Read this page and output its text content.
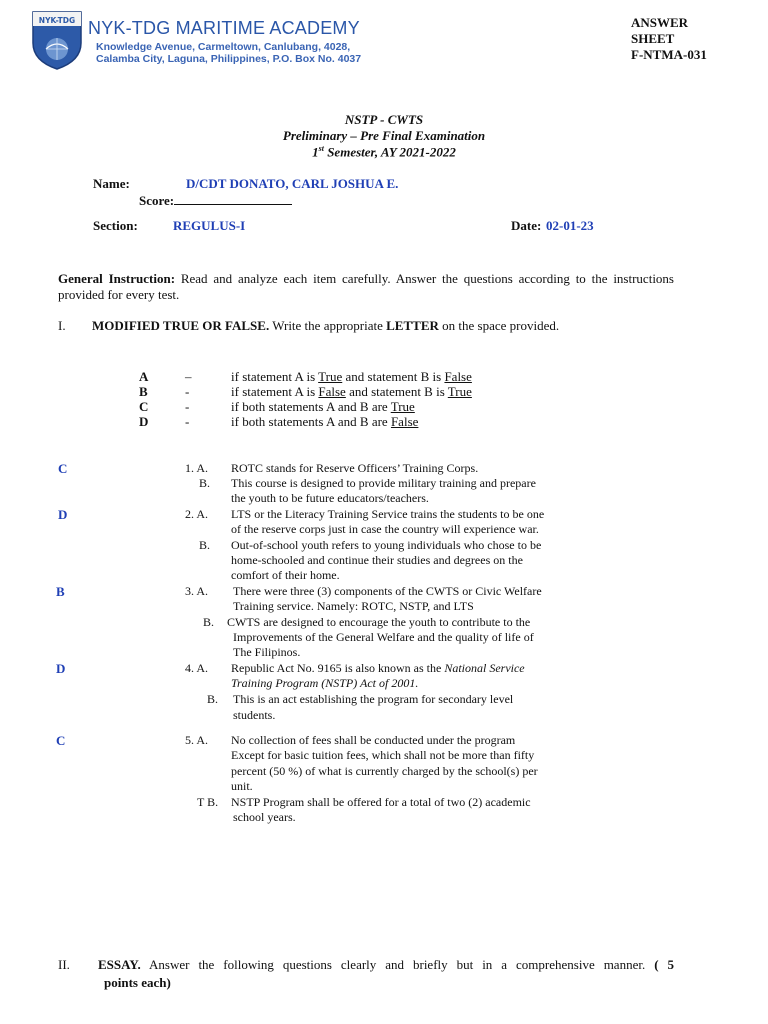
NYK-TDG NYK-TDG MARITIME ACADEMY
Knowledge Avenue, Carmeltown, Canlubang, 4028,
Calamba City, Laguna, Philippines, P.O. Box No. 4037
ANSWER
SHEET
F-NTMA-031
NSTP - CWTS
Preliminary – Pre Final Examination
1st Semester, AY 2021-2022
Name:	D/CDT DONATO, CARL JOSHUA E.
Score:
Section:	REGULUS-I	Date: 02-01-23
General Instruction: Read and analyze each item carefully. Answer the questions according to the instructions provided for every test.
I. MODIFIED TRUE OR FALSE. Write the appropriate LETTER on the space provided.
A	–	if statement A is True and statement B is False
B	-	if statement A is False and statement B is True
C	-	if both statements A and B are True
D	-	if both statements A and B are False
C	1. A. ROTC stands for Reserve Officers’ Training Corps.
B. This course is designed to provide military training and prepare
the youth to be future educators/teachers.
D	2. A. LTS or the Literacy Training Service trains the students to be one
of the reserve corps just in case the country will experience war.
B. Out-of-school youth refers to young individuals who chose to be
home-schooled and continue their studies and degrees on the
comfort of their home.
B	3. A. There were three (3) components of the CWTS or Civic Welfare
Training service. Namely: ROTC, NSTP, and LTS
B. CWTS are designed to encourage the youth to contribute to the
Improvements of the General Welfare and the quality of life of
The Filipinos.
D	4. A. Republic Act No. 9165 is also known as the National Service
Training Program (NSTP) Act of 2001.
B. This is an act establishing the program for secondary level
students.
C	5. A. No collection of fees shall be conducted under the program
Except for basic tuition fees, which shall not be more than fifty
percent (50 %) of what is currently charged by the school(s) per
unit.
T B. NSTP Program shall be offered for a total of two (2) academic
school years.
II. ESSAY. Answer the following questions clearly and briefly but in a comprehensive manner. ( 5
points each)
